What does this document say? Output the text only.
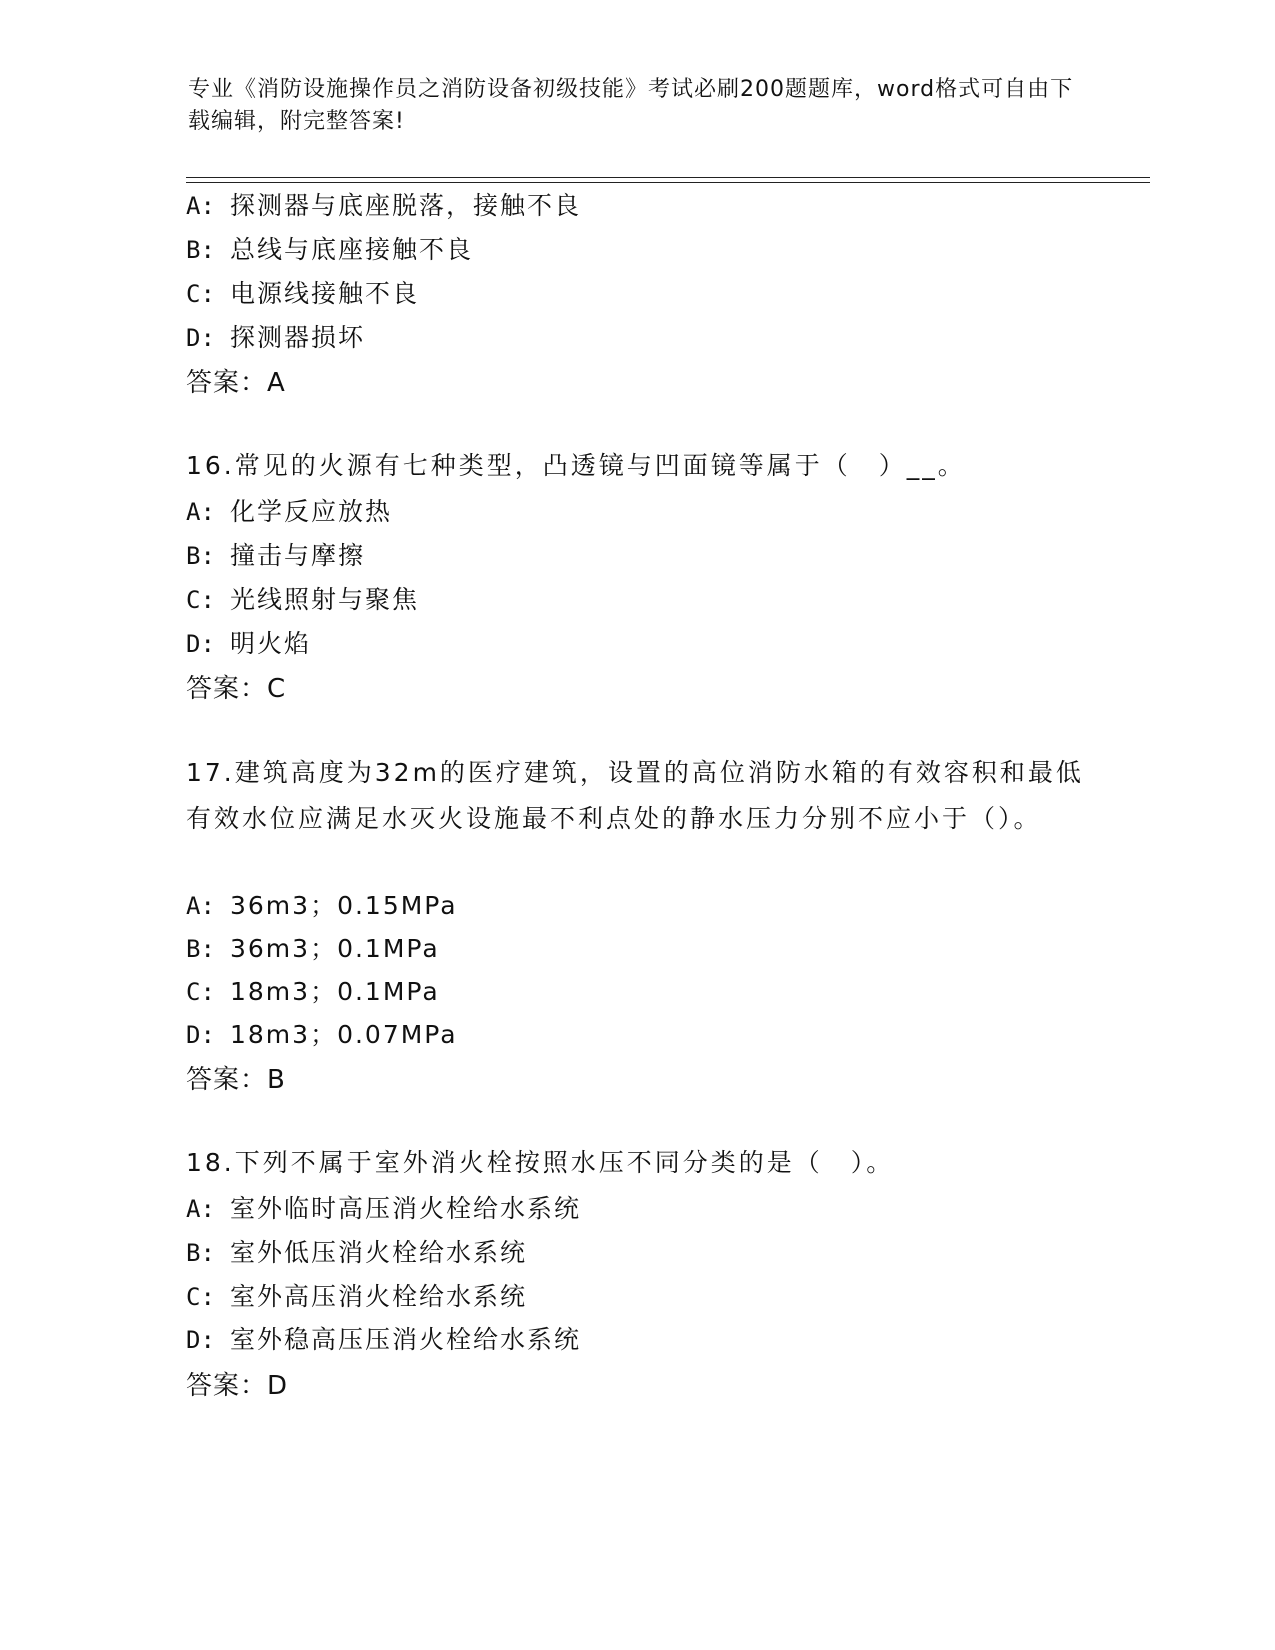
专业《消防设施操作员之消防设备初级技能》考试必刷200题题库，word格式可自由下载编辑，附完整答案!
A: 探测器与底座脱落，接触不良
B: 总线与底座接触不良
C: 电源线接触不良
D: 探测器损坏
答案：A
16.常见的火源有七种类型，凸透镜与凹面镜等属于（　）__。
A: 化学反应放热
B: 撞击与摩擦
C: 光线照射与聚焦
D: 明火焰
答案：C
17.建筑高度为32m的医疗建筑，设置的高位消防水箱的有效容积和最低有效水位应满足水灭火设施最不利点处的静水压力分别不应小于（）。
A: 36m3；0.15MPa
B: 36m3；0.1MPa
C: 18m3；0.1MPa
D: 18m3；0.07MPa
答案：B
18.下列不属于室外消火栓按照水压不同分类的是（　）。
A: 室外临时高压消火栓给水系统
B: 室外低压消火栓给水系统
C: 室外高压消火栓给水系统
D: 室外稳高压压消火栓给水系统
答案：D
